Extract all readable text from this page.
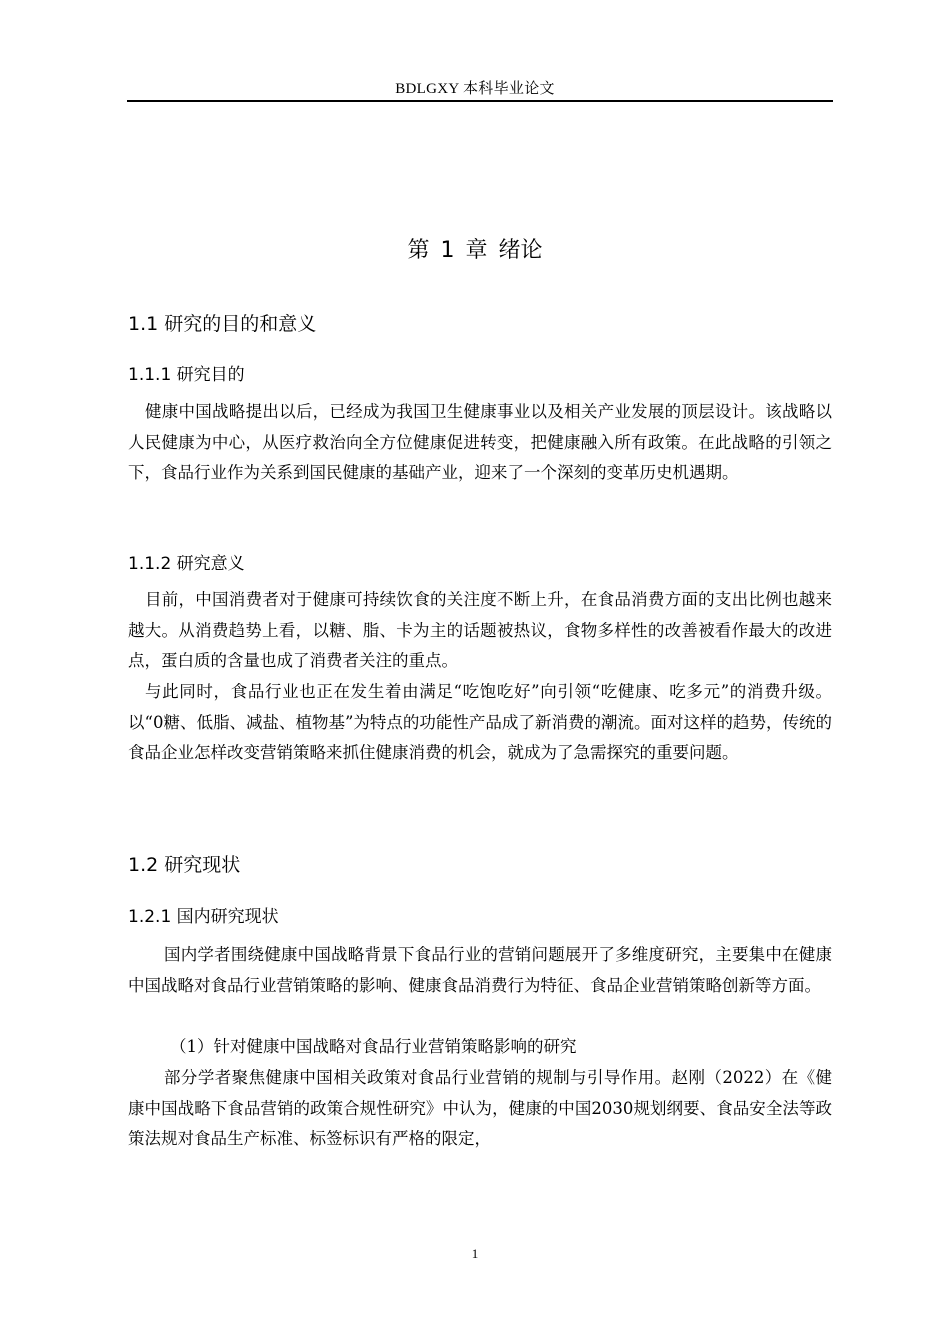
BDLGXY 本科毕业论文
第 1 章 绪论
1.1 研究的目的和意义
1.1.1 研究目的

健康中国战略提出以后，已经成为我国卫生健康事业以及相关产业发展的顶层设计。该战略以人民健康为中心，从医疗救治向全方位健康促进转变，把健康融入所有政策。在此战略的引领之下，食品行业作为关系到国民健康的基础产业，迎来了一个深刻的变革历史机遇期。

1.1.2 研究意义

目前，中国消费者对于健康可持续饮食的关注度不断上升，在食品消费方面的支出比例也越来越大。从消费趋势上看，以糖、脂、卡为主的话题被热议，食物多样性的改善被看作最大的改进点，蛋白质的含量也成了消费者关注的重点。

与此同时，食品行业也正在发生着由满足“吃饱吃好”向引领“吃健康、吃多元”的消费升级。以“0糖、低脂、减盐、植物基”为特点的功能性产品成了新消费的潮流。面对这样的趋势，传统的食品企业怎样改变营销策略来抓住健康消费的机会，就成为了急需探究的重要问题。

1.2 研究现状
1.2.1 国内研究现状

国内学者围绕健康中国战略背景下食品行业的营销问题展开了多维度研究，主要集中在健康中国战略对食品行业营销策略的影响、健康食品消费行为特征、食品企业营销策略创新等方面。

（1）针对健康中国战略对食品行业营销策略影响的研究

部分学者聚焦健康中国相关政策对食品行业营销的规制与引导作用。赵刚（2022）在《健康中国战略下食品营销的政策合规性研究》中认为，健康的中国2030规划纲要、食品安全法等政策法规对食品生产标准、标签标识有严格的限定，

1
